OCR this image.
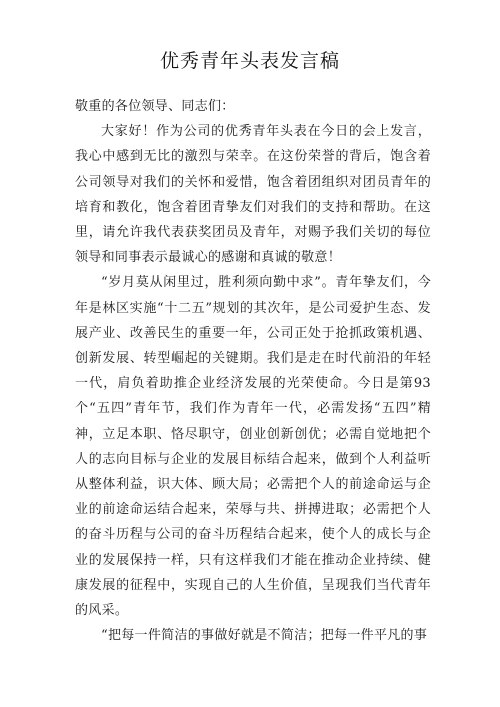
优秀青年头表发言稿

敬重的各位领导、同志们：

大家好！作为公司的优秀青年头表在今日的会上发言，我心中感到无比的激烈与荣幸。在这份荣誉的背后，饱含着公司领导对我们的关怀和爱惜，饱含着团组织对团员青年的培育和教化，饱含着团青挚友们对我们的支持和帮助。在这里，请允许我代表获奖团员及青年，对赐予我们关切的每位领导和同事表示最诚心的感谢和真诚的敬意！

“岁月莫从闲里过，胜利须向勤中求”。青年挚友们，今年是林区实施“十二五”规划的其次年，是公司爱护生态、发展产业、改善民生的重要一年，公司正处于抢抓政策机遇、创新发展、转型崛起的关键期。我们是走在时代前沿的年轻一代，肩负着助推企业经济发展的光荣使命。今日是第93个“五四”青年节，我们作为青年一代，必需发扬“五四”精神，立足本职、恪尽职守，创业创新创优；必需自觉地把个人的志向目标与企业的发展目标结合起来，做到个人利益听从整体利益，识大体、顾大局；必需把个人的前途命运与企业的前途命运结合起来，荣辱与共、拼搏进取；必需把个人的奋斗历程与公司的奋斗历程结合起来，使个人的成长与企业的发展保持一样，只有这样我们才能在推动企业持续、健康发展的征程中，实现自己的人生价值，呈现我们当代青年的风采。

“把每一件简洁的事做好就是不简洁；把每一件平凡的事
